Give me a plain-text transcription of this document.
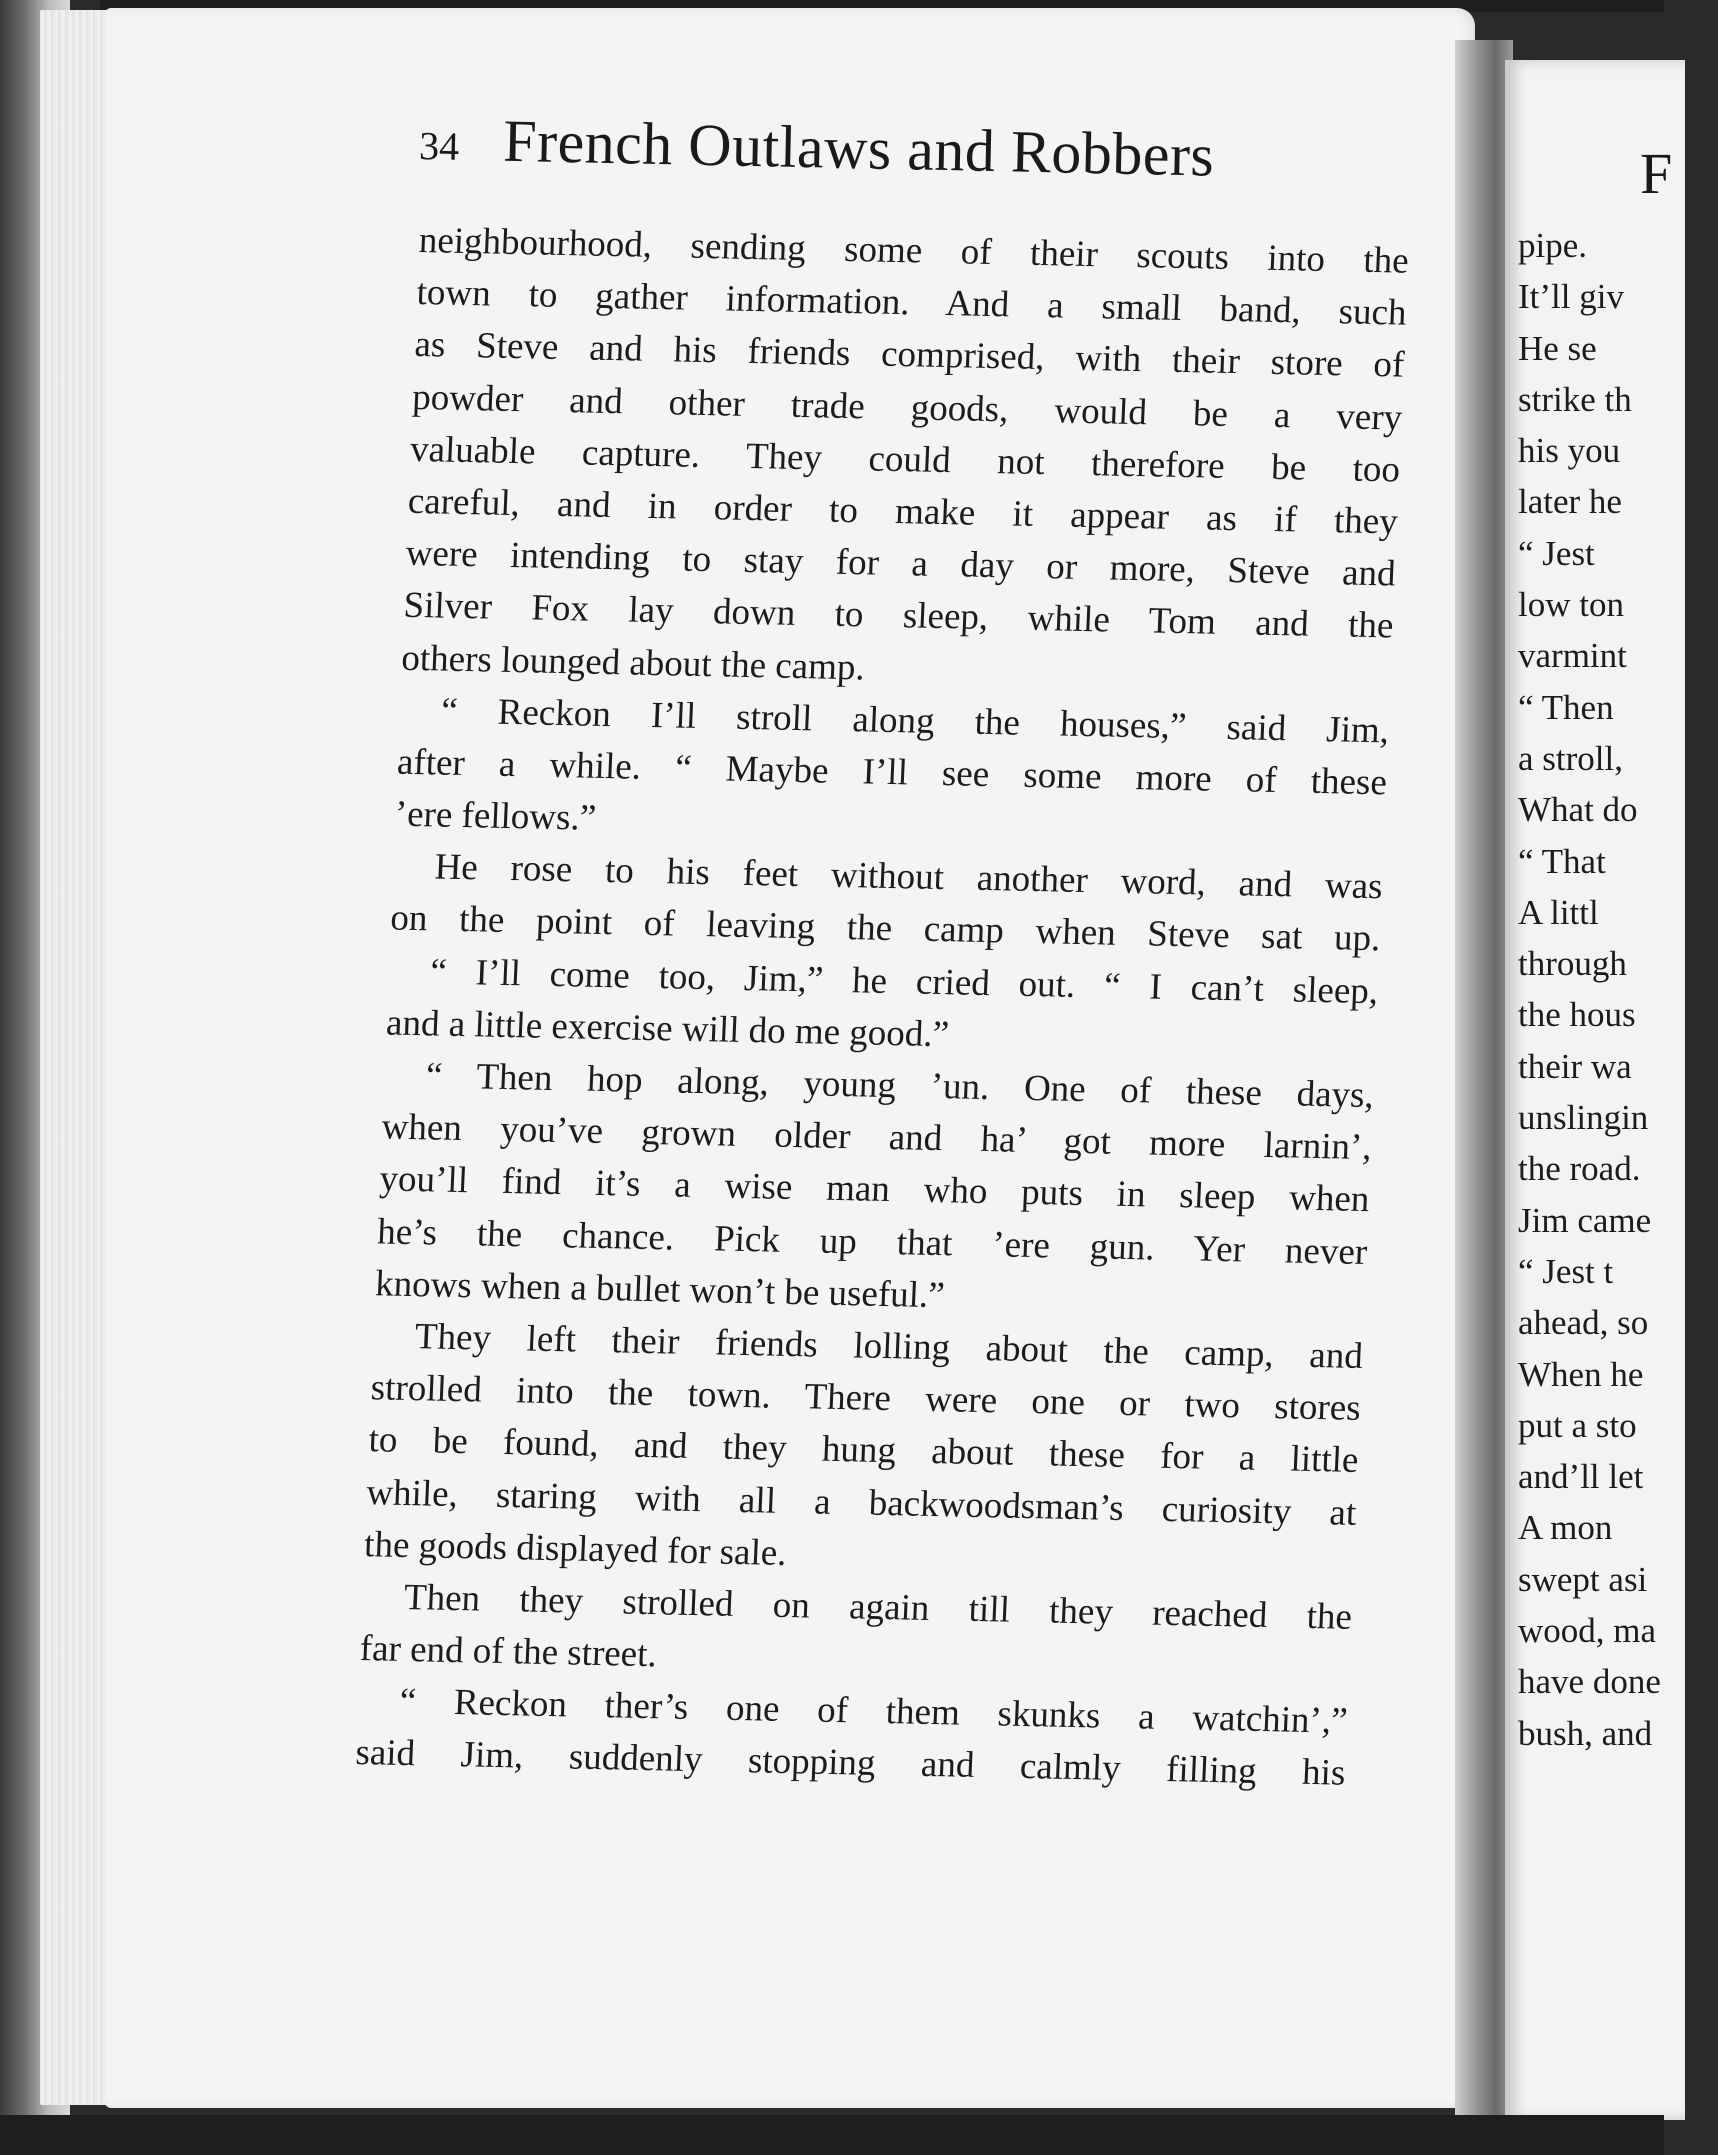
34 French Outlaws and Robbers
neighbourhood, sending some of their scouts into the
town to gather information. And a small band, such
as Steve and his friends comprised, with their store of
powder and other trade goods, would be a very
valuable capture. They could not therefore be too
careful, and in order to make it appear as if they
were intending to stay for a day or more, Steve and
Silver Fox lay down to sleep, while Tom and the
others lounged about the camp.
“ Reckon I’ll stroll along the houses,” said Jim,
after a while. “ Maybe I’ll see some more of these
’ere fellows.”
He rose to his feet without another word, and was
on the point of leaving the camp when Steve sat up.
“ I’ll come too, Jim,” he cried out. “ I can’t sleep,
and a little exercise will do me good.”
“ Then hop along, young ’un. One of these days,
when you’ve grown older and ha’ got more larnin’,
you’ll find it’s a wise man who puts in sleep when
he’s the chance. Pick up that ’ere gun. Yer never
knows when a bullet won’t be useful.”
They left their friends lolling about the camp, and
strolled into the town. There were one or two stores
to be found, and they hung about these for a little
while, staring with all a backwoodsman’s curiosity at
the goods displayed for sale.
Then they strolled on again till they reached the
far end of the street.
“ Reckon ther’s one of them skunks a watchin’,”
said Jim, suddenly stopping and calmly filling his
F
pipe.
It’ll giv
He se
strike th
his you
later he
“ Jest
low ton
varmint
“ Then
a stroll,
What do
“ That
A littl
through
the hous
their wa
unslingin
the road.
Jim came
“ Jest t
ahead, so
When he
put a sto
and’ll let
A mon
swept asi
wood, ma
have done
bush, and
